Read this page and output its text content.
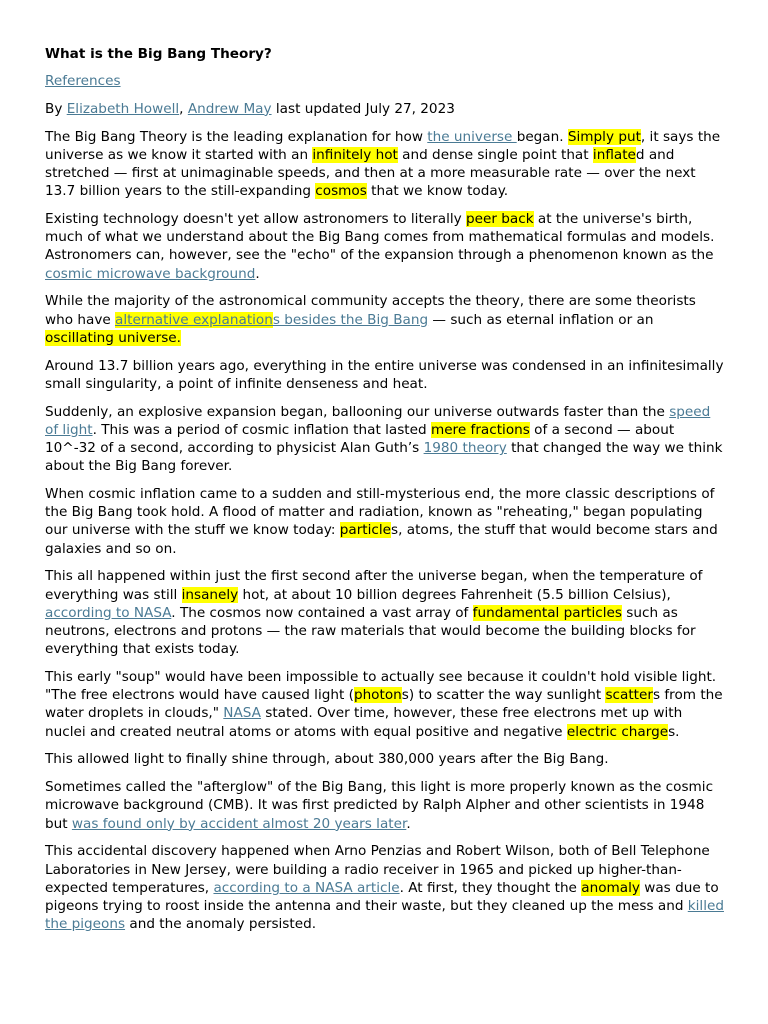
What is the Big Bang Theory?

References

By Elizabeth Howell, Andrew May last updated July 27, 2023

The Big Bang Theory is the leading explanation for how the universe began. Simply put, it says the universe as we know it started with an infinitely hot and dense single point that inflated and stretched — first at unimaginable speeds, and then at a more measurable rate — over the next 13.7 billion years to the still-expanding cosmos that we know today.

Existing technology doesn't yet allow astronomers to literally peer back at the universe's birth, much of what we understand about the Big Bang comes from mathematical formulas and models. Astronomers can, however, see the "echo" of the expansion through a phenomenon known as the cosmic microwave background.

While the majority of the astronomical community accepts the theory, there are some theorists who have alternative explanations besides the Big Bang — such as eternal inflation or an oscillating universe.

Around 13.7 billion years ago, everything in the entire universe was condensed in an infinitesimally small singularity, a point of infinite denseness and heat.

Suddenly, an explosive expansion began, ballooning our universe outwards faster than the speed of light. This was a period of cosmic inflation that lasted mere fractions of a second — about 10^-32 of a second, according to physicist Alan Guth’s 1980 theory that changed the way we think about the Big Bang forever.

When cosmic inflation came to a sudden and still-mysterious end, the more classic descriptions of the Big Bang took hold. A flood of matter and radiation, known as "reheating," began populating our universe with the stuff we know today: particles, atoms, the stuff that would become stars and galaxies and so on.

This all happened within just the first second after the universe began, when the temperature of everything was still insanely hot, at about 10 billion degrees Fahrenheit (5.5 billion Celsius), according to NASA. The cosmos now contained a vast array of fundamental particles such as neutrons, electrons and protons — the raw materials that would become the building blocks for everything that exists today.

This early "soup" would have been impossible to actually see because it couldn't hold visible light. "The free electrons would have caused light (photons) to scatter the way sunlight scatters from the water droplets in clouds," NASA stated. Over time, however, these free electrons met up with nuclei and created neutral atoms or atoms with equal positive and negative electric charges.

This allowed light to finally shine through, about 380,000 years after the Big Bang.

Sometimes called the "afterglow" of the Big Bang, this light is more properly known as the cosmic microwave background (CMB). It was first predicted by Ralph Alpher and other scientists in 1948 but was found only by accident almost 20 years later.

This accidental discovery happened when Arno Penzias and Robert Wilson, both of Bell Telephone Laboratories in New Jersey, were building a radio receiver in 1965 and picked up higher-than-expected temperatures, according to a NASA article. At first, they thought the anomaly was due to pigeons trying to roost inside the antenna and their waste, but they cleaned up the mess and killed the pigeons and the anomaly persisted.
